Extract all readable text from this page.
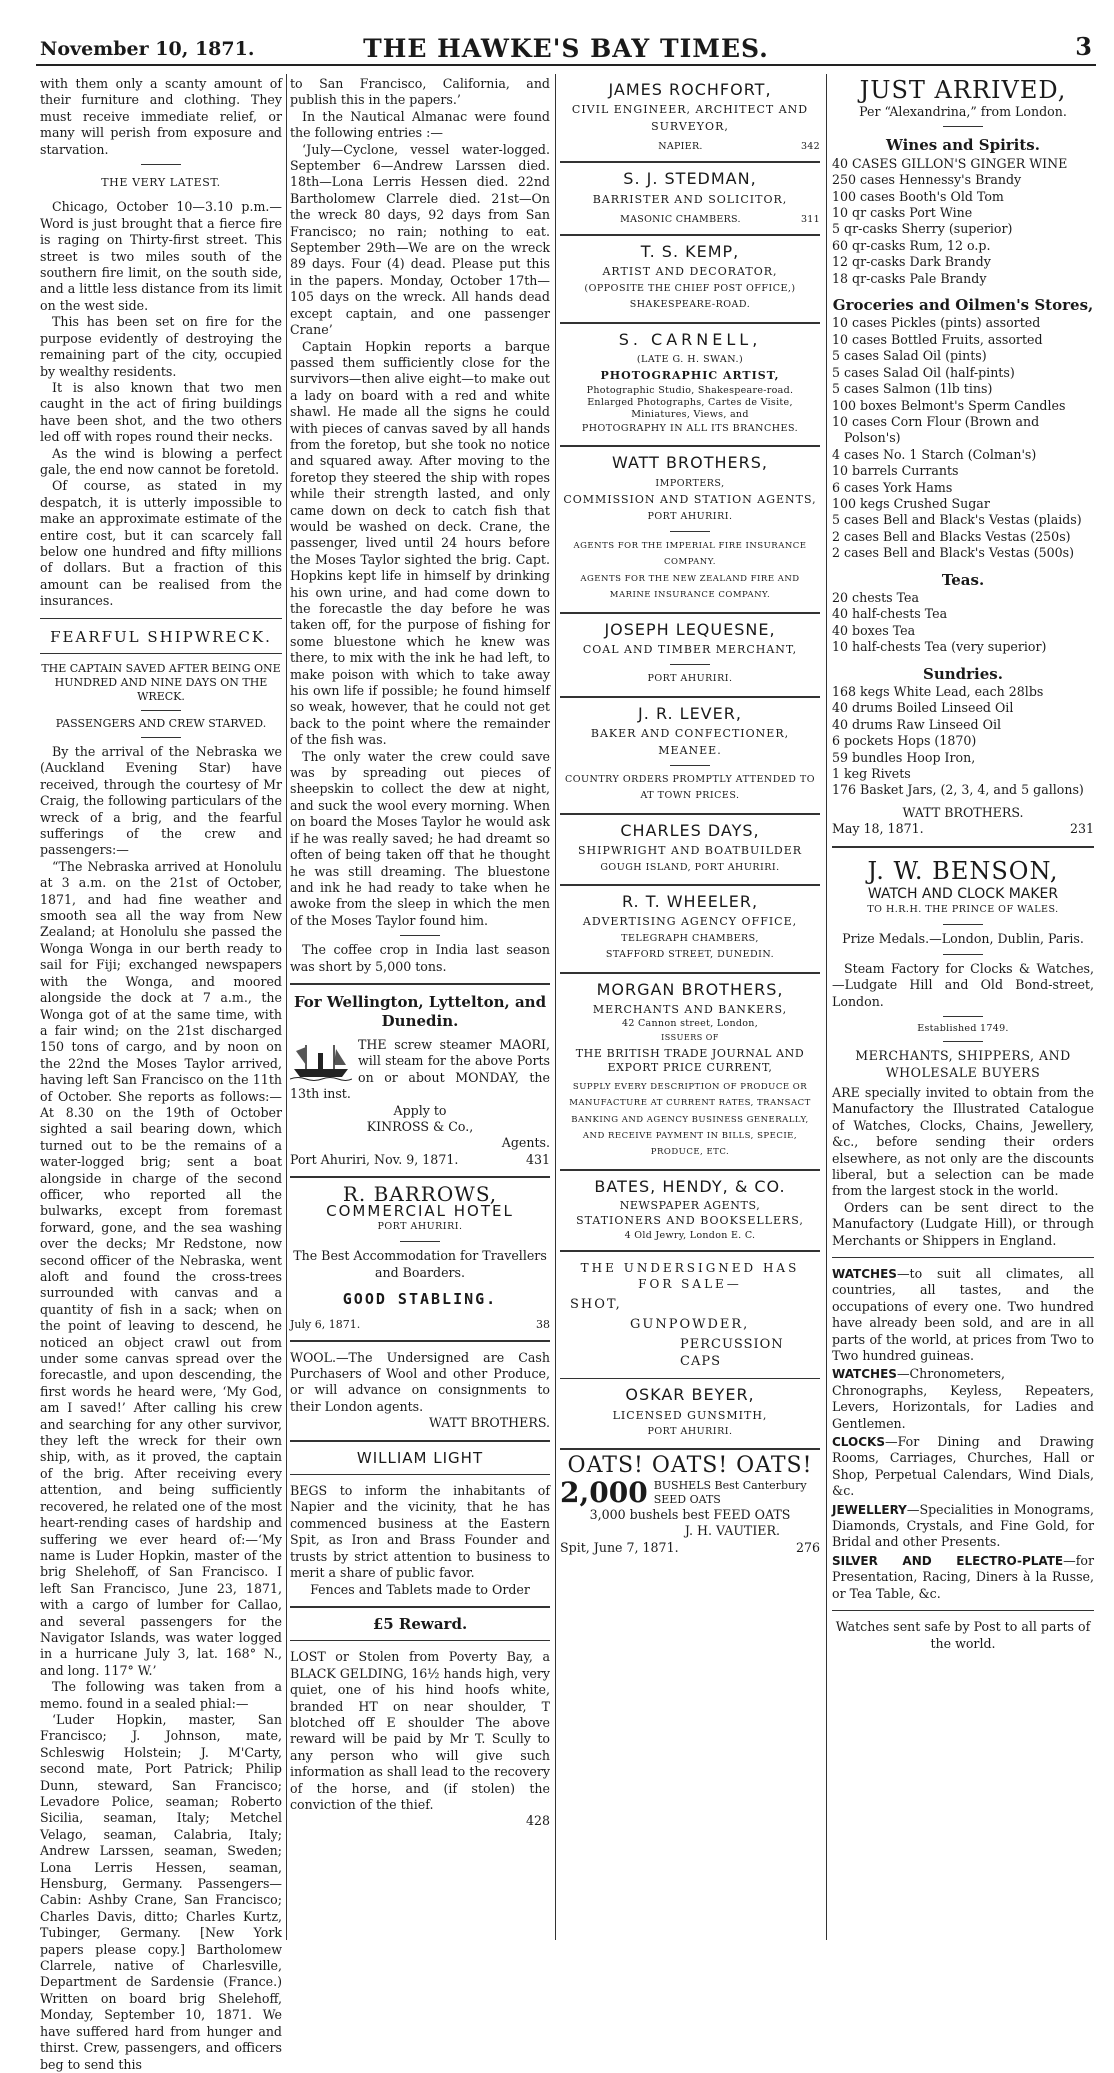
November 10, 1871.	THE HAWKE'S BAY TIMES.	3

with them only a scanty amount of their furniture and clothing. They must receive immediate relief, or many will perish from exposure and starvation.

THE VERY LATEST.

Chicago, October 10—3.10 p.m.—Word is just brought that a fierce fire is raging on Thirty-first street. This street is two miles south of the southern fire limit, on the south side, and a little less distance from its limit on the west side.

This has been set on fire for the purpose evidently of destroying the remaining part of the city, occupied by wealthy residents.

It is also known that two men caught in the act of firing buildings have been shot, and the two others led off with ropes round their necks.

As the wind is blowing a perfect gale, the end now cannot be foretold.

Of course, as stated in my despatch, it is utterly impossible to make an approximate estimate of the entire cost, but it can scarcely fall below one hundred and fifty millions of dollars. But a fraction of this amount can be realised from the insurances.

FEARFUL SHIPWRECK.

THE CAPTAIN SAVED AFTER BEING ONE HUNDRED AND NINE DAYS ON THE WRECK.

PASSENGERS AND CREW STARVED.

By the arrival of the Nebraska we (Auckland Evening Star) have received, through the courtesy of Mr Craig, the following particulars of the wreck of a brig, and the fearful sufferings of the crew and passengers:—

“The Nebraska arrived at Honolulu at 3 a.m. on the 21st of October, 1871, and had fine weather and smooth sea all the way from New Zealand; at Honolulu she passed the Wonga Wonga in our berth ready to sail for Fiji; exchanged newspapers with the Wonga, and moored alongside the dock at 7 a.m., the Wonga got of at the same time, with a fair wind; on the 21st discharged 150 tons of cargo, and by noon on the 22nd the Moses Taylor arrived, having left San Francisco on the 11th of October. She reports as follows:—At 8.30 on the 19th of October sighted a sail bearing down, which turned out to be the remains of a water-logged brig; sent a boat alongside in charge of the second officer, who reported all the bulwarks, except from foremast forward, gone, and the sea washing over the decks; Mr Redstone, now second officer of the Nebraska, went aloft and found the cross-trees surrounded with canvas and a quantity of fish in a sack; when on the point of leaving to descend, he noticed an object crawl out from under some canvas spread over the forecastle, and upon descending, the first words he heard were, ‘My God, am I saved!’ After calling his crew and searching for any other survivor, they left the wreck for their own ship, with, as it proved, the captain of the brig. After receiving every attention, and being sufficiently recovered, he related one of the most heart-rending cases of hardship and suffering we ever heard of:—‘My name is Luder Hopkin, master of the brig Shelehoff, of San Francisco. I left San Francisco, June 23, 1871, with a cargo of lumber for Callao, and several passengers for the Navigator Islands, was water logged in a hurricane July 3, lat. 168° N., and long. 117° W.’

The following was taken from a memo. found in a sealed phial:—

‘Luder Hopkin, master, San Francisco; J. Johnson, mate, Schleswig Holstein; J. M'Carty, second mate, Port Patrick; Philip Dunn, steward, San Francisco; Levadore Police, seaman; Roberto Sicilia, seaman, Italy; Metchel Velago, seaman, Calabria, Italy; Andrew Larssen, seaman, Sweden; Lona Lerris Hessen, seaman, Hensburg, Germany. Passengers—Cabin: Ashby Crane, San Francisco; Charles Davis, ditto; Charles Kurtz, Tubinger, Germany. [New York papers please copy.] Bartholomew Clarrele, native of Charlesville, Department de Sardensie (France.) Written on board brig Shelehoff, Monday, September 10, 1871. We have suffered hard from hunger and thirst. Crew, passengers, and officers beg to send this

to San Francisco, California, and publish this in the papers.’

In the Nautical Almanac were found the following entries :—

‘July—Cyclone, vessel water-logged. September 6—Andrew Larssen died. 18th—Lona Lerris Hessen died. 22nd Bartholomew Clarrele died. 21st—On the wreck 80 days, 92 days from San Francisco; no rain; nothing to eat. September 29th—We are on the wreck 89 days. Four (4) dead. Please put this in the papers. Monday, October 17th—105 days on the wreck. All hands dead except captain, and one passenger Crane’

Captain Hopkin reports a barque passed them sufficiently close for the survivors—then alive eight—to make out a lady on board with a red and white shawl. He made all the signs he could with pieces of canvas saved by all hands from the foretop, but she took no notice and squared away. After moving to the foretop they steered the ship with ropes while their strength lasted, and only came down on deck to catch fish that would be washed on deck. Crane, the passenger, lived until 24 hours before the Moses Taylor sighted the brig. Capt. Hopkins kept life in himself by drinking his own urine, and had come down to the forecastle the day before he was taken off, for the purpose of fishing for some bluestone which he knew was there, to mix with the ink he had left, to make poison with which to take away his own life if possible; he found himself so weak, however, that he could not get back to the point where the remainder of the fish was.

The only water the crew could save was by spreading out pieces of sheepskin to collect the dew at night, and suck the wool every morning. When on board the Moses Taylor he would ask if he was really saved; he had dreamt so often of being taken off that he thought he was still dreaming. The bluestone and ink he had ready to take when he awoke from the sleep in which the men of the Moses Taylor found him.

The coffee crop in India last season was short by 5,000 tons.

For Wellington, Lyttelton, and Dunedin.

THE screw steamer MAORI, will steam for the above Ports on or about MONDAY, the 13th inst.

Apply to
KINROSS & Co.,
Agents.
Port Ahuriri, Nov. 9, 1871.	431
R. BARROWS,
COMMERCIAL HOTEL
PORT AHURIRI.
The Best Accommodation for Travellers and Boarders.
GOOD STABLING.
July 6, 1871.	38

WOOL.—The Undersigned are Cash Purchasers of Wool and other Produce, or will advance on consignments to their London agents.

WATT BROTHERS.
WILLIAM LIGHT

BEGS to inform the inhabitants of Napier and the vicinity, that he has commenced business at the Eastern Spit, as Iron and Brass Founder and trusts by strict attention to business to merit a share of public favor.

Fences and Tablets made to Order
£5 Reward.

LOST or Stolen from Poverty Bay, a BLACK GELDING, 16½ hands high, very quiet, one of his hind hoofs white, branded HT on near shoulder, T blotched off E shoulder The above reward will be paid by Mr T. Scully to any person who will give such information as shall lead to the recovery of the horse, and (if stolen) the conviction of the thief.

428
JAMES ROCHFORT,
CIVIL ENGINEER, ARCHITECT AND SURVEYOR,
NAPIER.	342
S. J. STEDMAN,
BARRISTER AND SOLICITOR,
MASONIC CHAMBERS.	311
T. S. KEMP,
ARTIST AND DECORATOR,
(OPPOSITE THE CHIEF POST OFFICE,)
SHAKESPEARE-ROAD.
S. CARNELL,
(LATE G. H. SWAN.)
PHOTOGRAPHIC ARTIST,
Photographic Studio, Shakespeare-road.
Enlarged Photographs, Cartes de Visite, Miniatures, Views, and
PHOTOGRAPHY IN ALL ITS BRANCHES.
WATT BROTHERS,
IMPORTERS,
COMMISSION AND STATION AGENTS,
PORT AHURIRI.
AGENTS FOR THE IMPERIAL FIRE INSURANCE COMPANY.
AGENTS FOR THE NEW ZEALAND FIRE AND MARINE INSURANCE COMPANY.
JOSEPH LEQUESNE,
COAL AND TIMBER MERCHANT,
PORT AHURIRI.
J. R. LEVER,
BAKER AND CONFECTIONER,
MEANEE.
COUNTRY ORDERS PROMPTLY ATTENDED TO AT TOWN PRICES.
CHARLES DAYS,
SHIPWRIGHT AND BOATBUILDER
GOUGH ISLAND, PORT AHURIRI.
R. T. WHEELER,
ADVERTISING AGENCY OFFICE,
TELEGRAPH CHAMBERS,
STAFFORD STREET, DUNEDIN.
MORGAN BROTHERS,
MERCHANTS AND BANKERS,
42 Cannon street, London,
ISSUERS OF
THE BRITISH TRADE JOURNAL AND EXPORT PRICE CURRENT,
SUPPLY EVERY DESCRIPTION OF PRODUCE OR MANUFACTURE AT CURRENT RATES, TRANSACT BANKING AND AGENCY BUSINESS GENERALLY,
AND RECEIVE PAYMENT IN BILLS, SPECIE, PRODUCE, ETC.
BATES, HENDY, & CO.
NEWSPAPER AGENTS,
STATIONERS AND BOOKSELLERS,
4 Old Jewry, London E. C.
THE UNDERSIGNED HAS
FOR SALE—
SHOT,
GUNPOWDER,
PERCUSSION CAPS
OSKAR BEYER,
LICENSED GUNSMITH,
PORT AHURIRI.
OATS! OATS! OATS!
2,000 BUSHELS Best Canterbury SEED OATS
3,000 bushels best FEED OATS
J. H. VAUTIER.
Spit, June 7, 1871.	276
JUST ARRIVED,
Per “Alexandrina,” from London.
Wines and Spirits.

40 CASES GILLON'S GINGER WINE

250 cases Hennessy's Brandy

100 cases Booth's Old Tom

10 qr casks Port Wine

5 qr-casks Sherry (superior)

60 qr-casks Rum, 12 o.p.

12 qr-casks Dark Brandy

18 qr-casks Pale Brandy

Groceries and Oilmen's Stores,

10 cases Pickles (pints) assorted

10 cases Bottled Fruits, assorted

5 cases Salad Oil (pints)

5 cases Salad Oil (half-pints)

5 cases Salmon (1lb tins)

100 boxes Belmont's Sperm Candles

10 cases Corn Flour (Brown and Polson's)

4 cases No. 1 Starch (Colman's)

10 barrels Currants

6 cases York Hams

100 kegs Crushed Sugar

5 cases Bell and Black's Vestas (plaids)

2 cases Bell and Blacks Vestas (250s)

2 cases Bell and Black's Vestas (500s)

Teas.

20 chests Tea

40 half-chests Tea

40 boxes Tea

10 half-chests Tea (very superior)

Sundries.

168 kegs White Lead, each 28lbs

40 drums Boiled Linseed Oil

40 drums Raw Linseed Oil

6 pockets Hops (1870)

59 bundles Hoop Iron,

1 keg Rivets

176 Basket Jars, (2, 3, 4, and 5 gallons)

WATT BROTHERS.
May 18, 1871.	231
J. W. BENSON,
WATCH AND CLOCK MAKER
TO H.R.H. THE PRINCE OF WALES.
Prize Medals.—London, Dublin, Paris.

Steam Factory for Clocks & Watches,—Ludgate Hill and Old Bond-street, London.

Established 1749.
MERCHANTS, SHIPPERS, AND WHOLESALE BUYERS

ARE specially invited to obtain from the Manufactory the Illustrated Catalogue of Watches, Clocks, Chains, Jewellery, &c., before sending their orders elsewhere, as not only are the discounts liberal, but a selection can be made from the largest stock in the world.

Orders can be sent direct to the Manufactory (Ludgate Hill), or through Merchants or Shippers in England.

WATCHES—to suit all climates, all countries, all tastes, and the occupations of every one. Two hundred have already been sold, and are in all parts of the world, at prices from Two to Two hundred guineas.

WATCHES—Chronometers, Chronographs, Keyless, Repeaters, Levers, Horizontals, for Ladies and Gentlemen.

CLOCKS—For Dining and Drawing Rooms, Carriages, Churches, Hall or Shop, Perpetual Calendars, Wind Dials, &c.

JEWELLERY—Specialities in Monograms, Diamonds, Crystals, and Fine Gold, for Bridal and other Presents.

SILVER AND ELECTRO-PLATE—for Presentation, Racing, Diners à la Russe, or Tea Table, &c.

Watches sent safe by Post to all parts of the world.
